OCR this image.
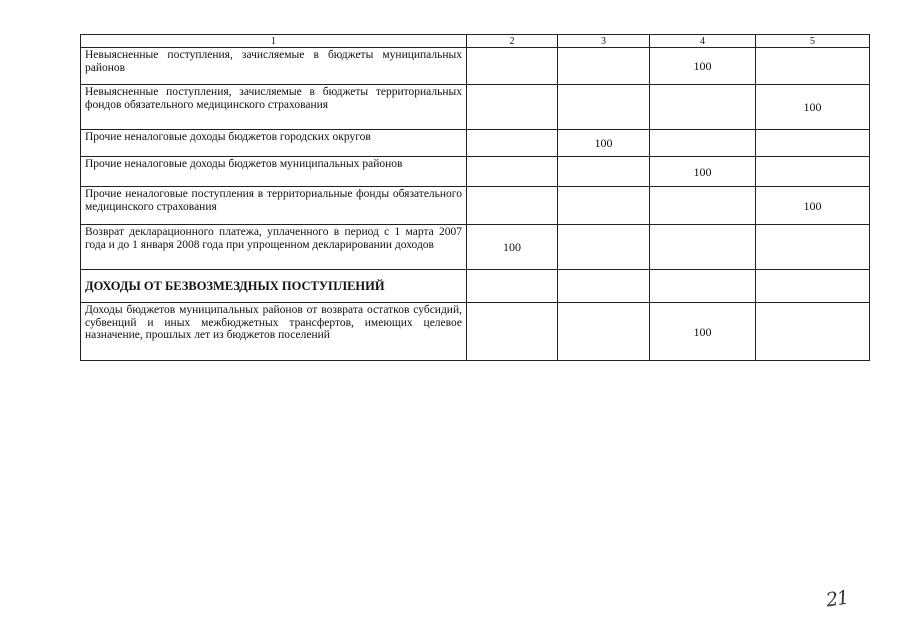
1	2	3	4	5
Невыясненные поступления, зачисляемые в бюджеты муниципальных районов			100	
Невыясненные поступления, зачисляемые в бюджеты территориальных фондов обязательного медицинского страхования				100
Прочие неналоговые доходы бюджетов городских округов		100		
Прочие неналоговые доходы бюджетов муниципальных районов			100	
Прочие неналоговые поступления в территориальные фонды обязательного медицинского страхования				100
Возврат декларационного платежа, уплаченного в период с 1 марта 2007 года и до 1 января 2008 года при упрощенном декларировании доходов	100			
ДОХОДЫ ОТ БЕЗВОЗМЕЗДНЫХ ПОСТУПЛЕНИЙ				
Доходы бюджетов муниципальных районов от возврата остатков субсидий, субвенций и иных межбюджетных трансфертов, имеющих целевое назначение, прошлых лет из бюджетов поселений			100	
21
